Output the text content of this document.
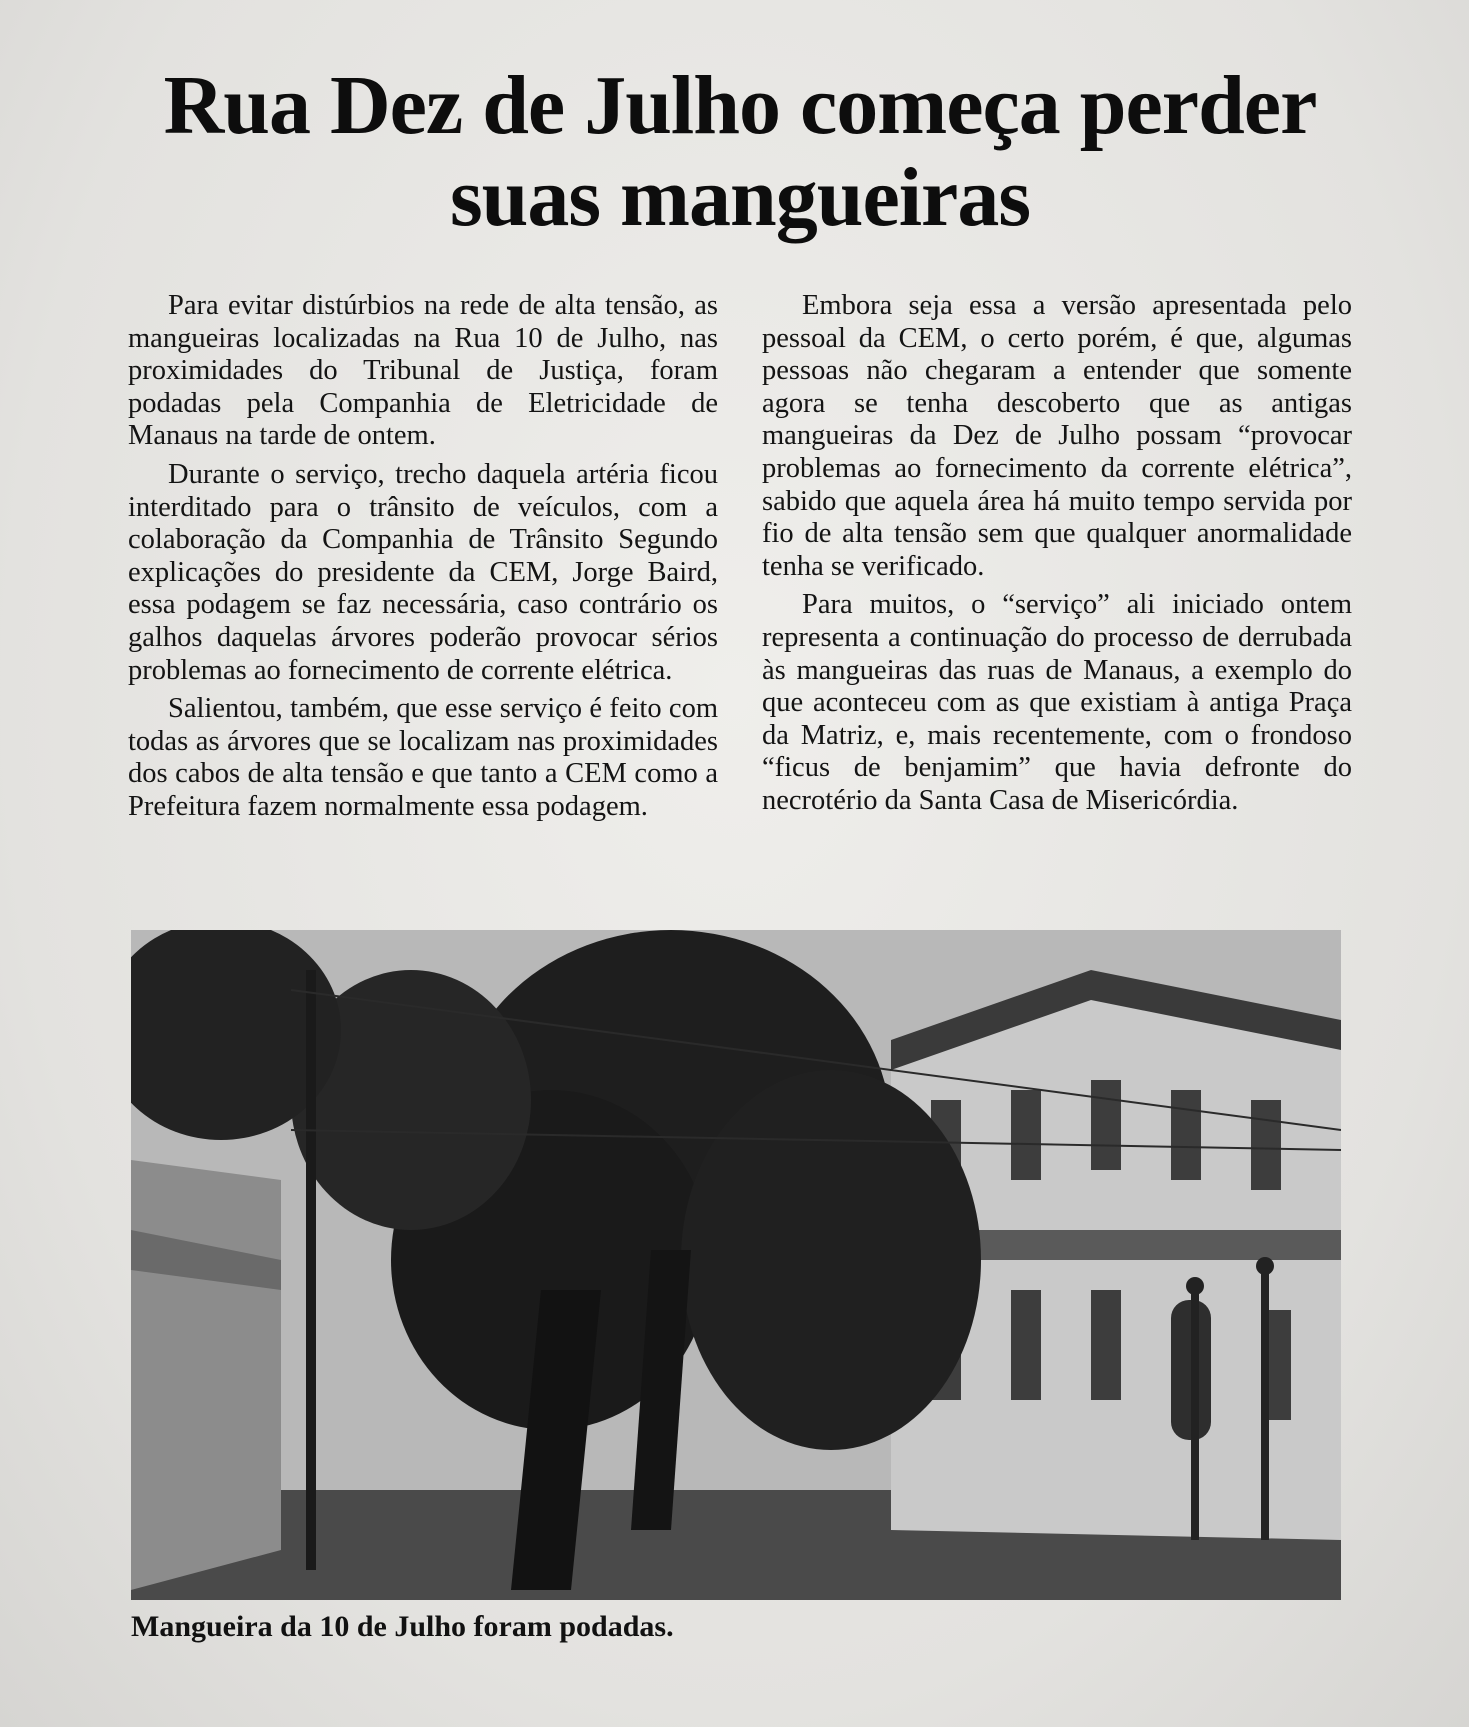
Rua Dez de Julho começa perder suas mangueiras

Para evitar distúrbios na rede de alta tensão, as mangueiras localizadas na Rua 10 de Julho, nas proximidades do Tribunal de Justiça, foram podadas pela Companhia de Eletricidade de Manaus na tarde de ontem.

Durante o serviço, trecho daquela artéria ficou interditado para o trânsito de veículos, com a colaboração da Companhia de Trânsito Segundo explicações do presidente da CEM, Jorge Baird, essa podagem se faz necessária, caso contrário os galhos daquelas árvores poderão provocar sérios problemas ao fornecimento de corrente elétrica.

Salientou, também, que esse serviço é feito com todas as árvores que se localizam nas proximidades dos cabos de alta tensão e que tanto a CEM como a Prefeitura fazem normalmente essa podagem.

Embora seja essa a versão apresentada pelo pessoal da CEM, o certo porém, é que, algumas pessoas não chegaram a entender que somente agora se tenha descoberto que as antigas mangueiras da Dez de Julho possam “provocar problemas ao fornecimento da corrente elétrica”, sabido que aquela área há muito tempo servida por fio de alta tensão sem que qualquer anormalidade tenha se verificado.

Para muitos, o “serviço” ali iniciado ontem representa a continuação do processo de derrubada às mangueiras das ruas de Manaus, a exemplo do que aconteceu com as que existiam à antiga Praça da Matriz, e, mais recentemente, com o frondoso “ficus de benjamim” que havia defronte do necrotério da Santa Casa de Misericórdia.

Mangueira da 10 de Julho foram podadas.
